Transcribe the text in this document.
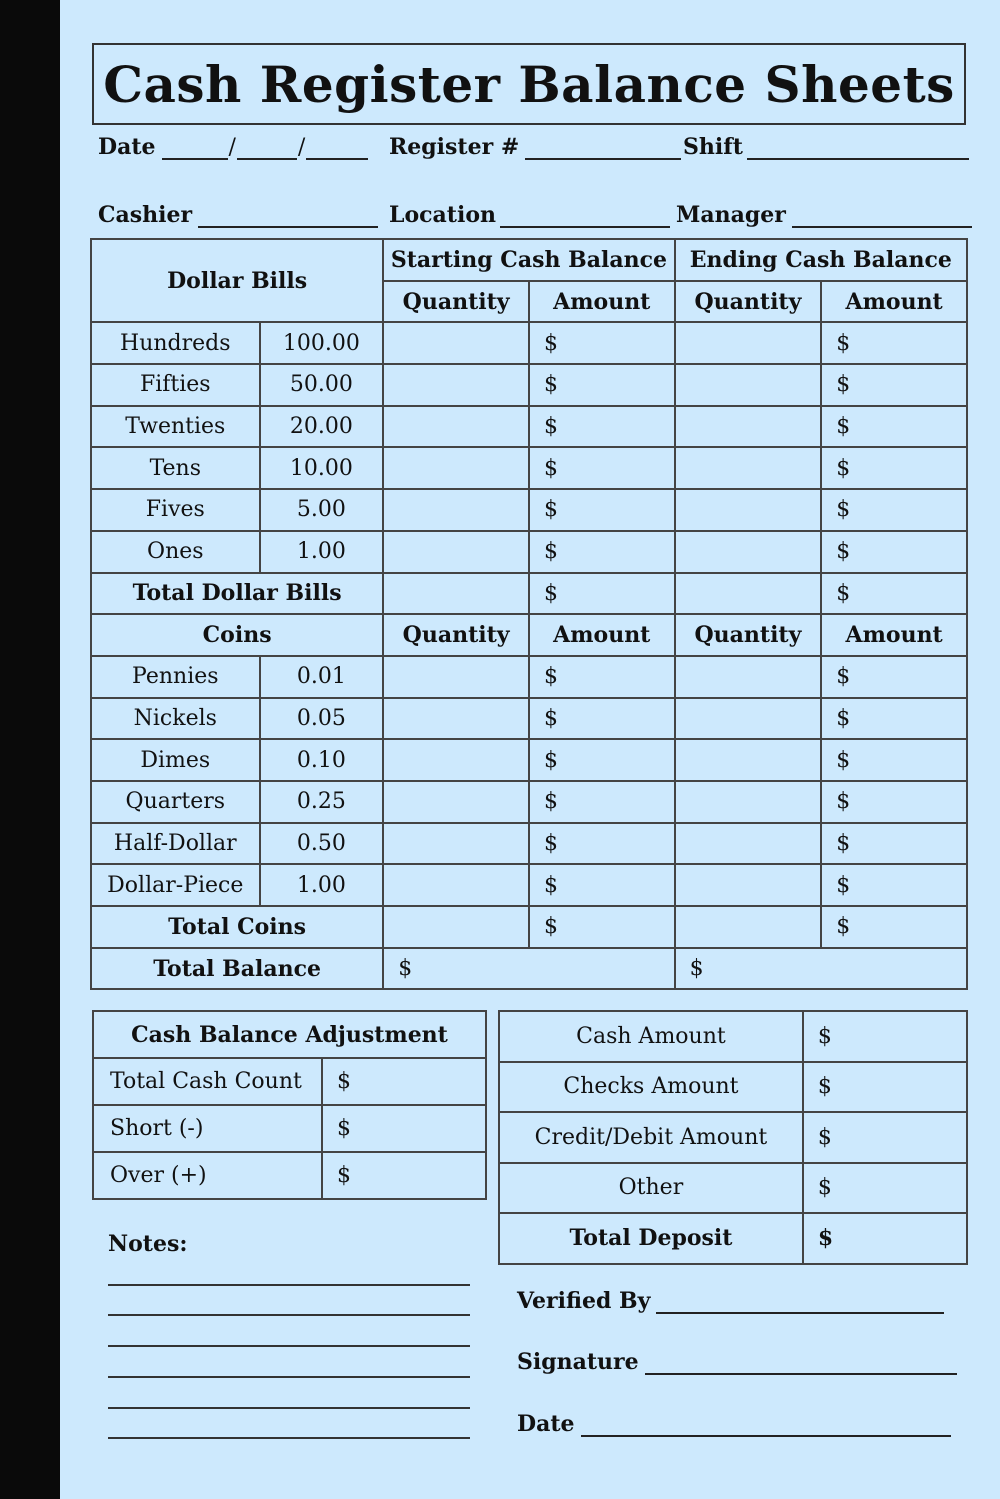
Cash Register Balance Sheets
Date	/	/	Register #	Shift
Cashier	Location	Manager
Dollar Bills		Starting Cash Balance		Ending Cash Balance	
		Quantity	Amount	Quantity	Amount
Hundreds	100.00		$		$
Fifties	50.00		$		$
Twenties	20.00		$		$
Tens	10.00		$		$
Fives	5.00		$		$
Ones	1.00		$		$
Total Dollar Bills			$		$
Coins		Quantity	Amount	Quantity	Amount
Pennies	0.01		$		$
Nickels	0.05		$		$
Dimes	0.10		$		$
Quarters	0.25		$		$
Half-Dollar	0.50		$		$
Dollar-Piece	1.00		$		$
Total Coins			$		$
Total Balance		$		$	
Cash Balance Adjustment	
Total Cash Count	$
Short (-)	$
Over (+)	$
Cash Amount	$
Checks Amount	$
Credit/Debit Amount	$
Other	$
Total Deposit	$
Notes:
Verified By
Signature
Date
